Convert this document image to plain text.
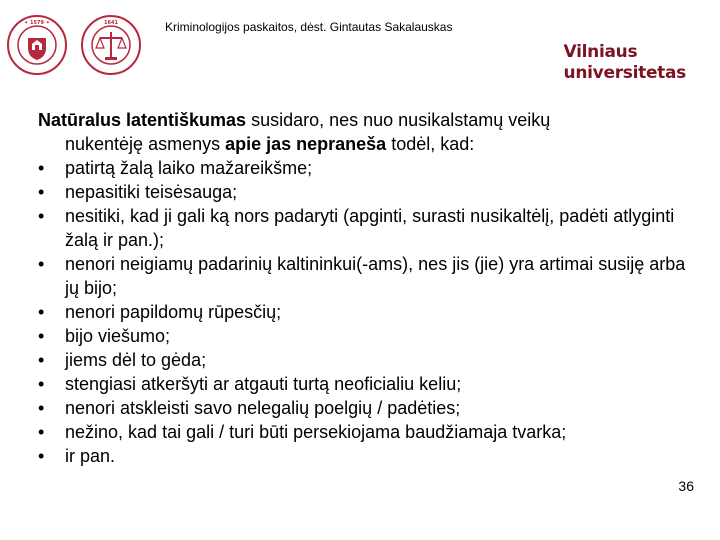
✦ 1579 ✦	1641	Kriminologijos paskaitos, dėst. Gintautas Sakalauskas
Vilniaus
universitetas

Natūralus latentiškumas susidaro, nes nuo nusikalstamų veikų
nukentėję asmenys apie jas nepraneša todėl, kad:

•	patirtą žalą laiko mažareikšme;
•	nepasitiki teisėsauga;
•	nesitiki, kad ji gali ką nors padaryti (apginti, surasti nusikaltėlį, padėti atlyginti žalą ir pan.);
•	nenori neigiamų padarinių kaltininkui(-ams), nes jis (jie) yra artimai susiję arba jų bijo;
•	nenori papildomų rūpesčių;
•	bijo viešumo;
•	jiems dėl to gėda;
•	stengiasi atkeršyti ar atgauti turtą neoficialiu keliu;
•	nenori atskleisti savo nelegalių poelgių / padėties;
•	nežino, kad tai gali / turi būti persekiojama baudžiamaja tvarka;
•	ir pan.
36
